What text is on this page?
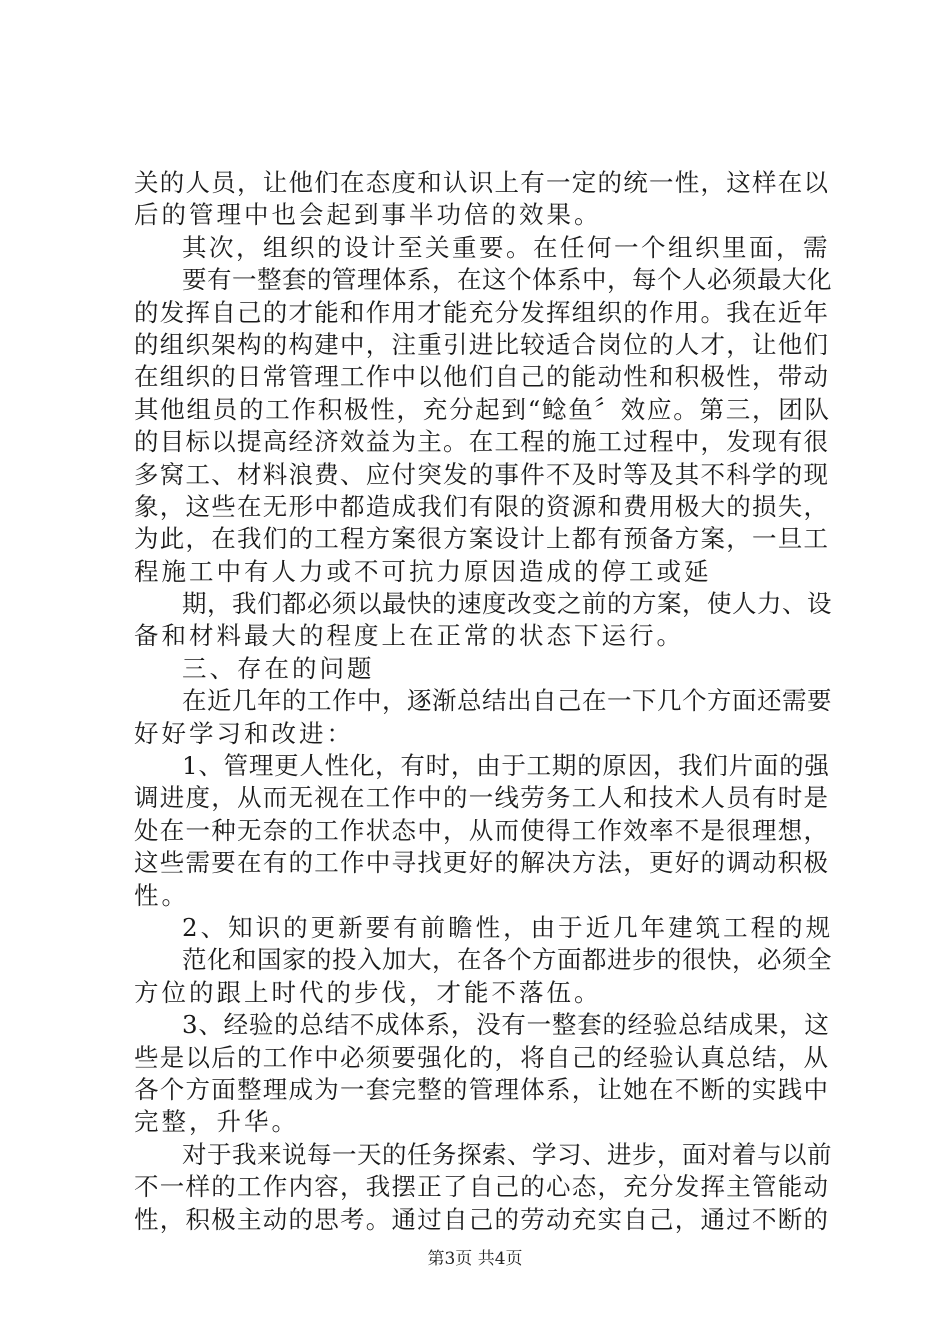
关的人员，让他们在态度和认识上有一定的统一性，这样在以
后的管理中也会起到事半功倍的效果。
其次，组织的设计至关重要。在任何一个组织里面，需
要有一整套的管理体系，在这个体系中，每个人必须最大化
的发挥自己的才能和作用才能充分发挥组织的作用。我在近年
的组织架构的构建中，注重引进比较适合岗位的人才，让他们
在组织的日常管理工作中以他们自己的能动性和积极性，带动
其他组员的工作积极性，充分起到“鲶鱼〞效应。第三，团队
的目标以提高经济效益为主。在工程的施工过程中，发现有很
多窝工、材料浪费、应付突发的事件不及时等及其不科学的现
象，这些在无形中都造成我们有限的资源和费用极大的损失，
为此，在我们的工程方案很方案设计上都有预备方案，一旦工
程施工中有人力或不可抗力原因造成的停工或延
期，我们都必须以最快的速度改变之前的方案，使人力、设
备和材料最大的程度上在正常的状态下运行。
三、存在的问题
在近几年的工作中，逐渐总结出自己在一下几个方面还需要
好好学习和改进：
1、管理更人性化，有时，由于工期的原因，我们片面的强
调进度，从而无视在工作中的一线劳务工人和技术人员有时是
处在一种无奈的工作状态中，从而使得工作效率不是很理想，
这些需要在有的工作中寻找更好的解决方法，更好的调动积极
性。
2、知识的更新要有前瞻性，由于近几年建筑工程的规
范化和国家的投入加大，在各个方面都进步的很快，必须全
方位的跟上时代的步伐，才能不落伍。
3、经验的总结不成体系，没有一整套的经验总结成果，这
些是以后的工作中必须要强化的，将自己的经验认真总结，从
各个方面整理成为一套完整的管理体系，让她在不断的实践中
完整，升华。
对于我来说每一天的任务探索、学习、进步，面对着与以前
不一样的工作内容，我摆正了自己的心态，充分发挥主管能动
性，积极主动的思考。通过自己的劳动充实自己，通过不断的
第3页 共4页
